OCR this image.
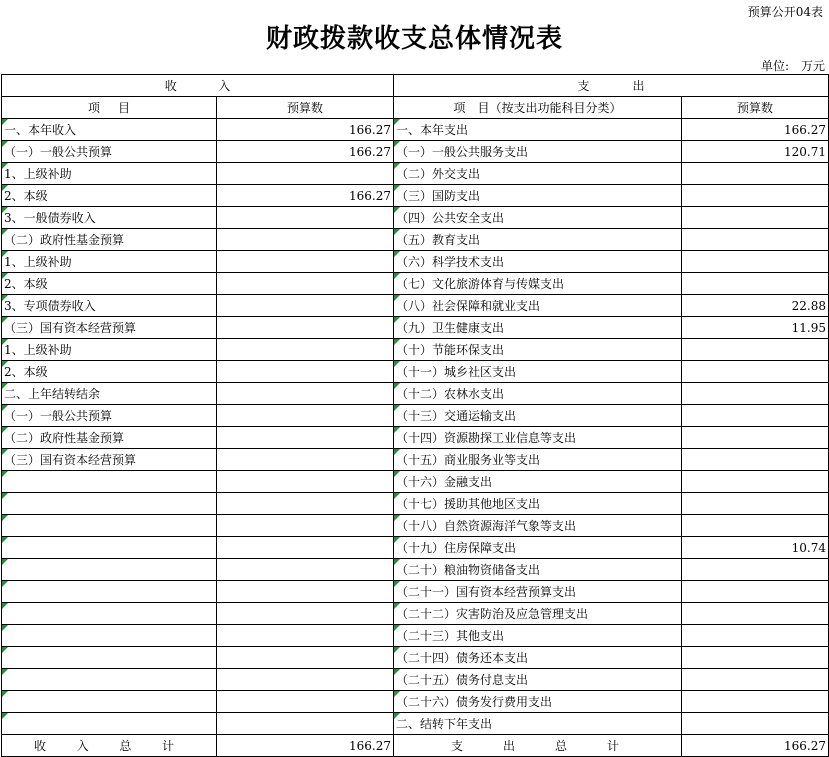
预算公开04表
财政拨款收支总体情况表
单位: 万元
收 入		支 出	

项 目	预算数	项　目（按支出功能科目分类）	预算数
一、本年收入	166.27	一、本年支出	166.27
（一）一般公共预算	166.27	（一）一般公共服务支出	120.71
1、上级补助		（二）外交支出	
2、本级	166.27	（三）国防支出	
3、一般债券收入		（四）公共安全支出	
（二）政府性基金预算		（五）教育支出	
1、上级补助		（六）科学技术支出	
2、本级		（七）文化旅游体育与传媒支出	
3、专项债券收入		（八）社会保障和就业支出	22.88
（三）国有资本经营预算		（九）卫生健康支出	11.95
1、上级补助		（十）节能环保支出	
2、本级		（十一）城乡社区支出	
二、上年结转结余		（十二）农林水支出	
（一）一般公共预算		（十三）交通运输支出	
（二）政府性基金预算		（十四）资源勘探工业信息等支出	
（三）国有资本经营预算		（十五）商业服务业等支出	
		（十六）金融支出	
		（十七）援助其他地区支出	
		（十八）自然资源海洋气象等支出	
		（十九）住房保障支出	10.74
		（二十）粮油物资储备支出	
		（二十一）国有资本经营预算支出	
		（二十二）灾害防治及应急管理支出	
		（二十三）其他支出	
		（二十四）债务还本支出	
		（二十五）债务付息支出	
		（二十六）债务发行费用支出	
		二、结转下年支出	

收 入 总 计	166.27	支 出 总 计	166.27
